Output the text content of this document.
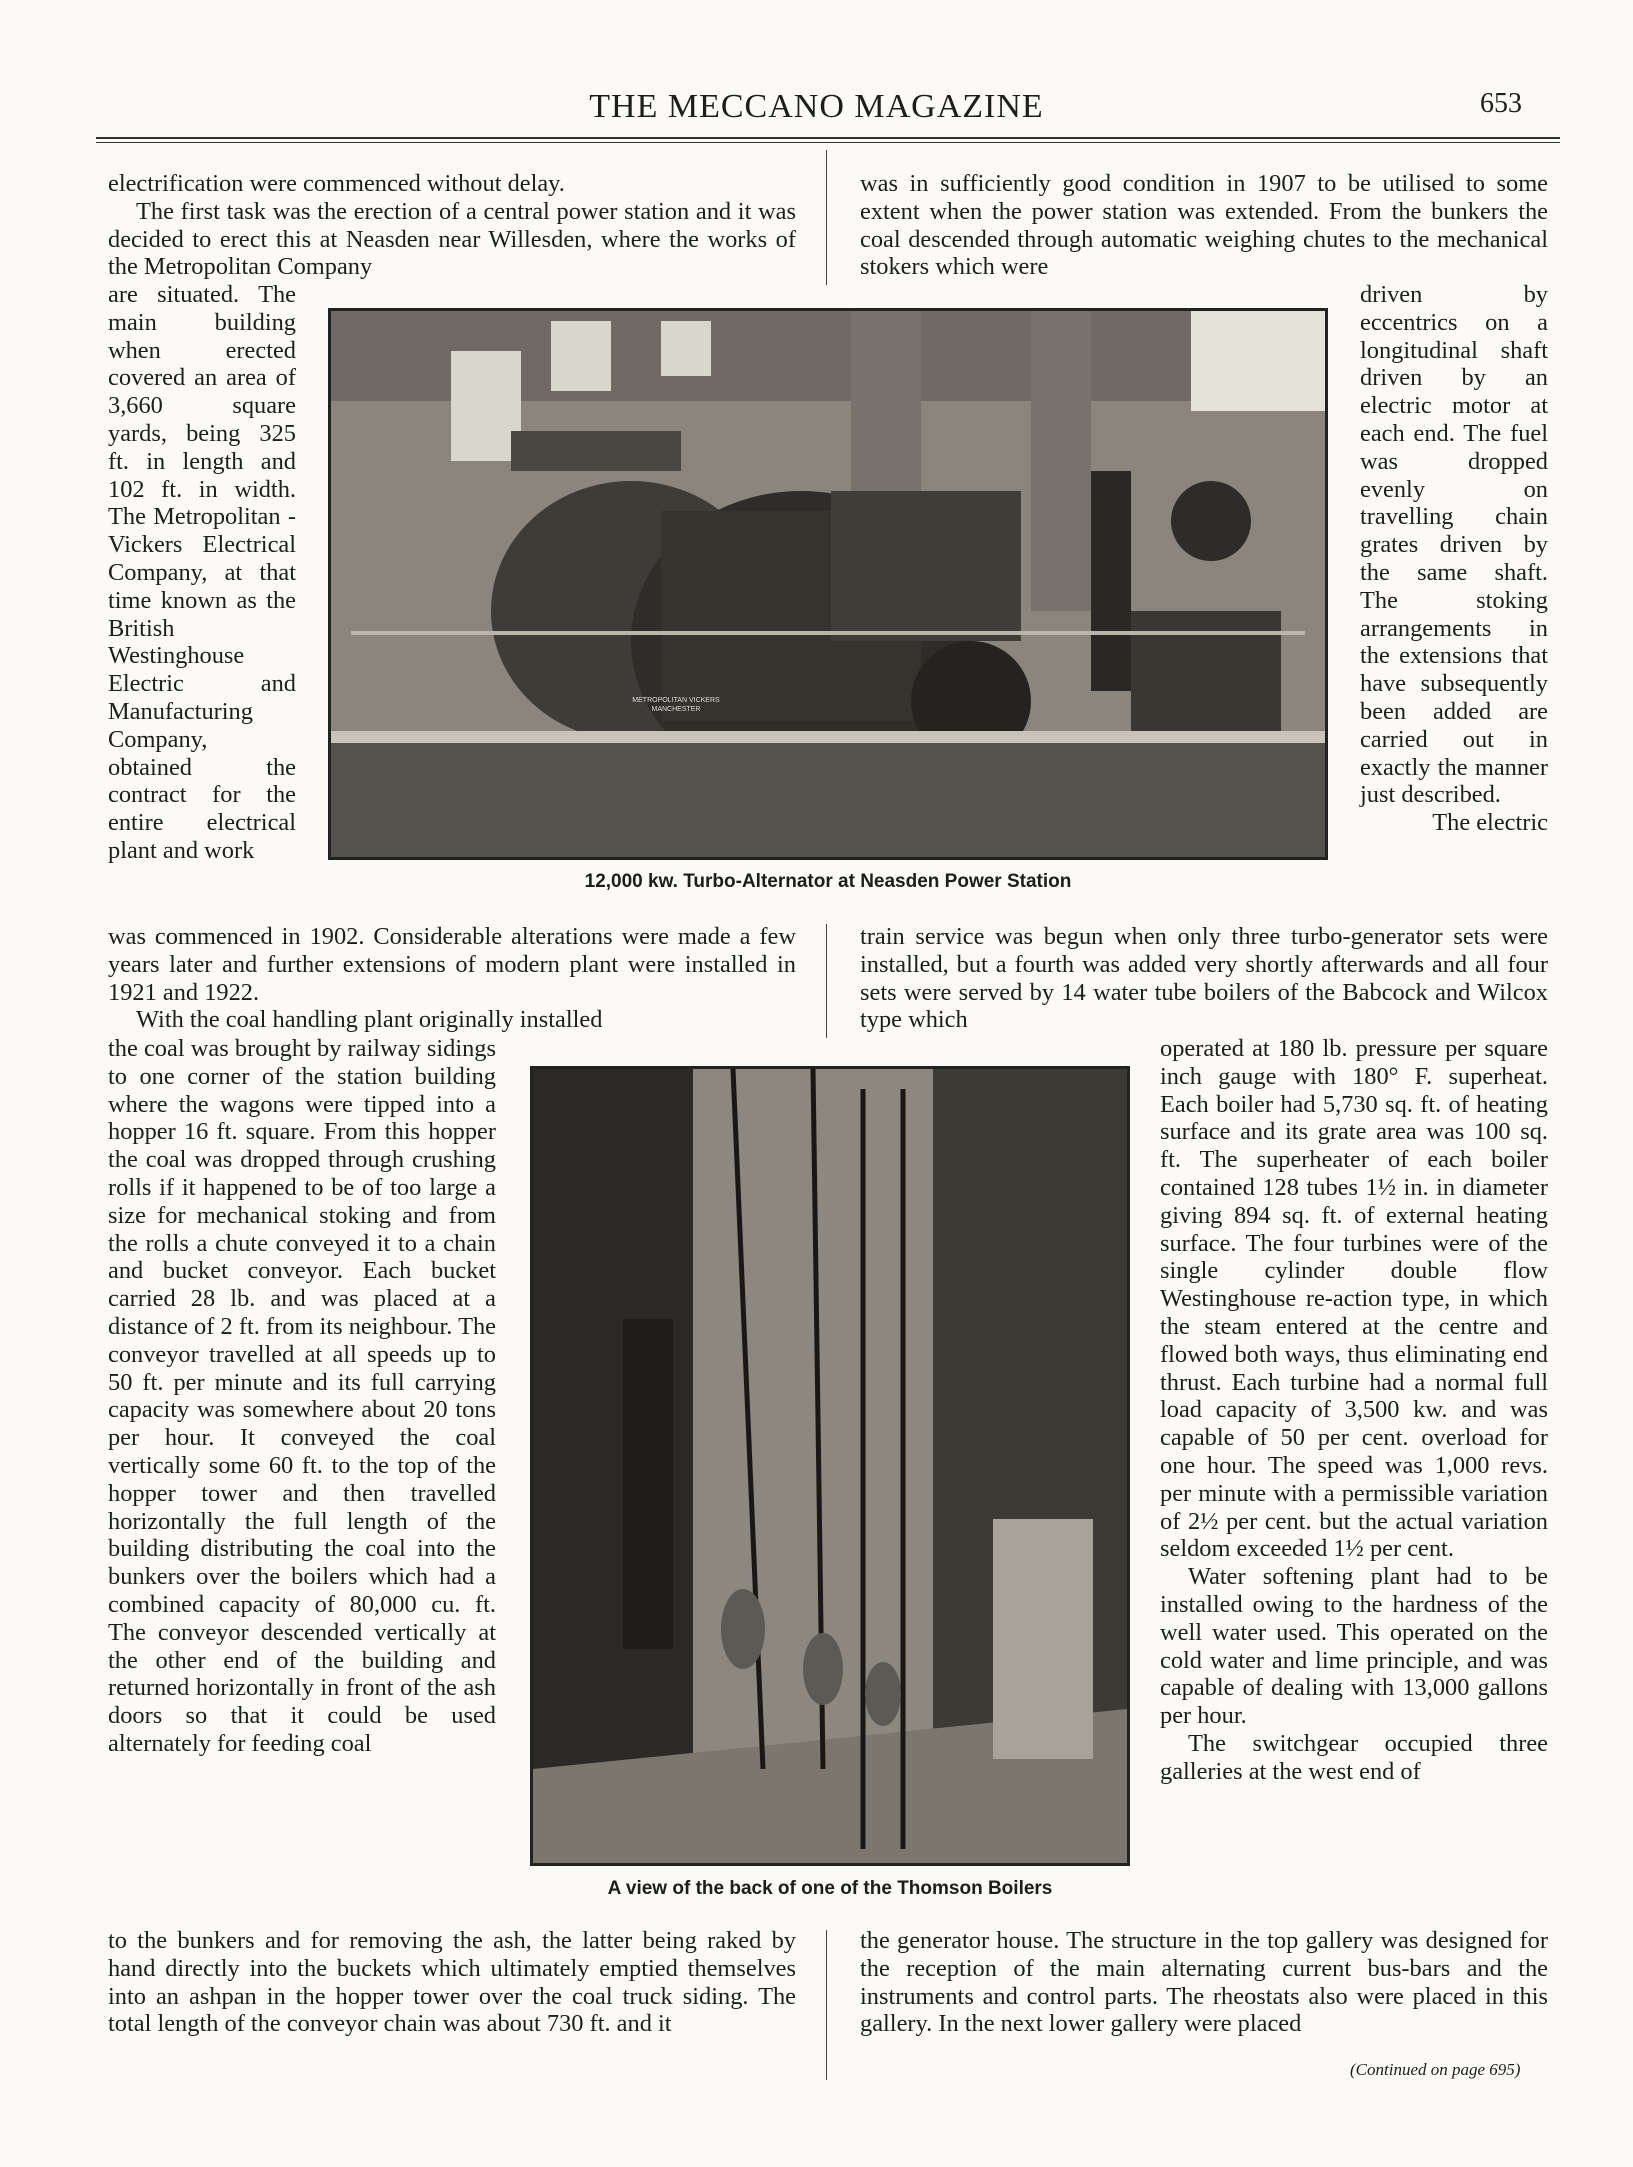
THE MECCANO MAGAZINE	653

electrification were commenced without delay.

The first task was the erection of a central power station and it was decided to erect this at Neasden near Willesden, where the works of the Metropolitan Company

are situated. The main building when erected covered an area of 3,660 square yards, being 325 ft. in length and 102 ft. in width. The Metropolitan - Vickers Electrical Company, at that time known as the British Westinghouse Electric and Manufacturing Company, obtained the contract for the entire electrical plant and work

was in sufficiently good condition in 1907 to be utilised to some extent when the power station was extended. From the bunkers the coal descended through automatic weighing chutes to the mechanical stokers which were

driven by eccentrics on a longitudinal shaft driven by an electric motor at each end. The fuel was dropped evenly on travelling chain grates driven by the same shaft. The stoking arrangements in the extensions that have subsequently been added are carried out in exactly the manner just described.

The electric

METROPOLITAN VICKERS
MANCHESTER
12,000 kw. Turbo-Alternator at Neasden Power Station

was commenced in 1902. Considerable alterations were made a few years later and further extensions of modern plant were installed in 1921 and 1922.

With the coal handling plant originally installed

train service was begun when only three turbo-generator sets were installed, but a fourth was added very shortly afterwards and all four sets were served by 14 water tube boilers of the Babcock and Wilcox type which

the coal was brought by railway sidings to one corner of the station building where the wagons were tipped into a hopper 16 ft. square. From this hopper the coal was dropped through crushing rolls if it happened to be of too large a size for mechanical stoking and from the rolls a chute conveyed it to a chain and bucket conveyor. Each bucket carried 28 lb. and was placed at a distance of 2 ft. from its neighbour. The conveyor travelled at all speeds up to 50 ft. per minute and its full carrying capacity was somewhere about 20 tons per hour. It conveyed the coal vertically some 60 ft. to the top of the hopper tower and then travelled horizontally the full length of the building distributing the coal into the bunkers over the boilers which had a combined capacity of 80,000 cu. ft. The conveyor descended vertically at the other end of the building and returned horizontally in front of the ash doors so that it could be used alternately for feeding coal

A view of the back of one of the Thomson Boilers

operated at 180 lb. pressure per square inch gauge with 180° F. superheat. Each boiler had 5,730 sq. ft. of heating surface and its grate area was 100 sq. ft. The superheater of each boiler contained 128 tubes 1½ in. in diameter giving 894 sq. ft. of external heating surface. The four turbines were of the single cylinder double flow Westinghouse re-action type, in which the steam entered at the centre and flowed both ways, thus eliminating end thrust. Each turbine had a normal full load capacity of 3,500 kw. and was capable of 50 per cent. overload for one hour. The speed was 1,000 revs. per minute with a permissible variation of 2½ per cent. but the actual variation seldom exceeded 1½ per cent.

Water softening plant had to be installed owing to the hardness of the well water used. This operated on the cold water and lime principle, and was capable of dealing with 13,000 gallons per hour.

The switchgear occupied three galleries at the west end of

to the bunkers and for removing the ash, the latter being raked by hand directly into the buckets which ultimately emptied themselves into an ashpan in the hopper tower over the coal truck siding. The total length of the conveyor chain was about 730 ft. and it

the generator house. The structure in the top gallery was designed for the reception of the main alternating current bus-bars and the instruments and control parts. The rheostats also were placed in this gallery. In the next lower gallery were placed

(Continued on page 695)
